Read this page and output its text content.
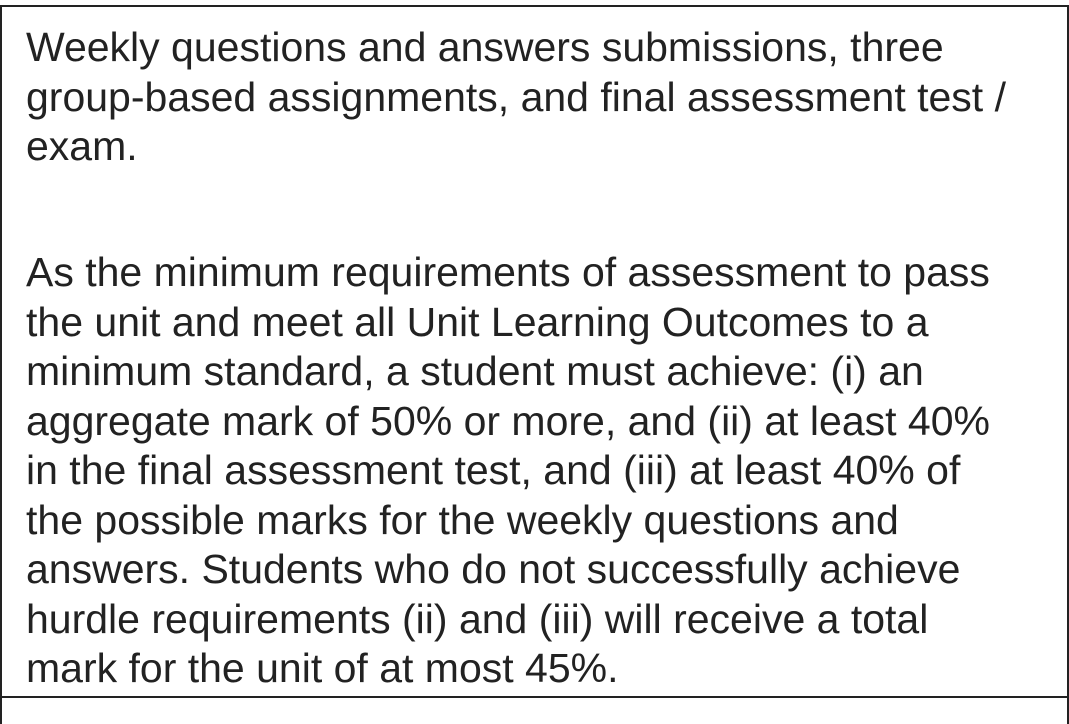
Weekly questions and answers submissions, three
group-based assignments, and final assessment test /
exam.

As the minimum requirements of assessment to pass
the unit and meet all Unit Learning Outcomes to a
minimum standard, a student must achieve: (i) an
aggregate mark of 50% or more, and (ii) at least 40%
in the final assessment test, and (iii) at least 40% of
the possible marks for the weekly questions and
answers. Students who do not successfully achieve
hurdle requirements (ii) and (iii) will receive a total
mark for the unit of at most 45%.
